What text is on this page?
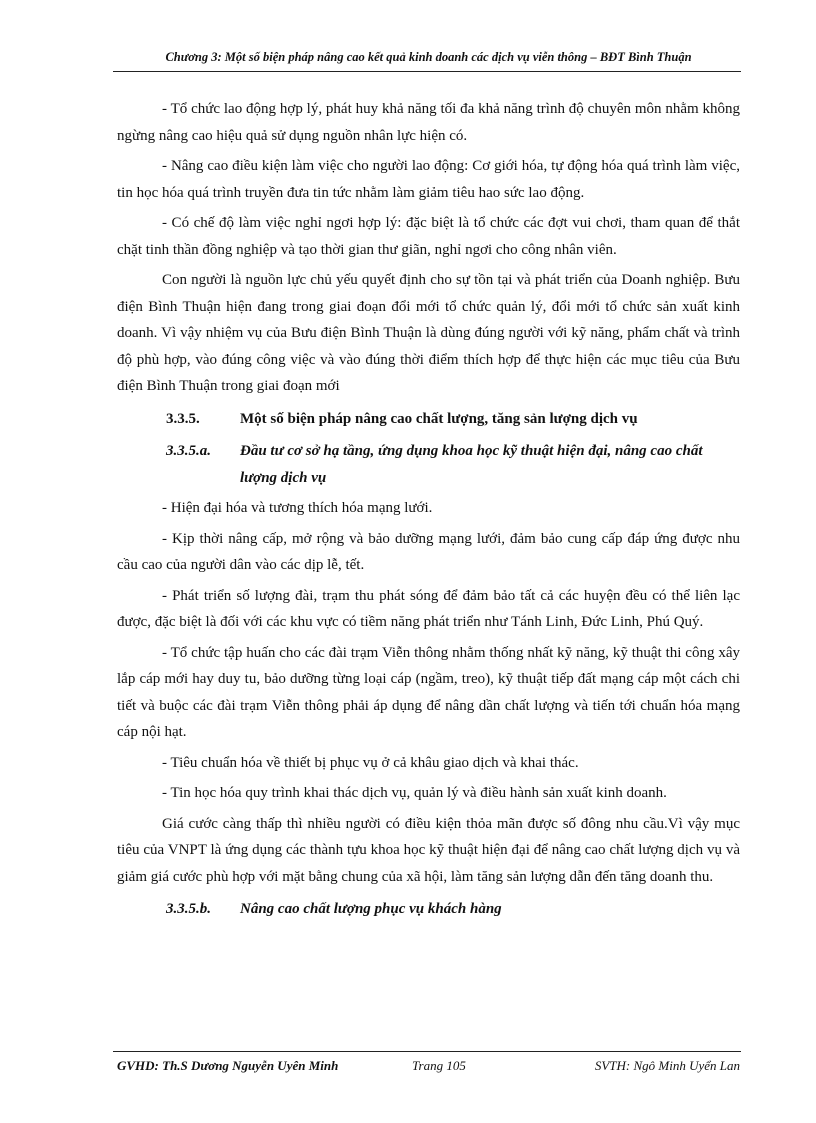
Chương 3: Một số biện pháp nâng cao kết quả kinh doanh các dịch vụ viễn thông – BĐT Bình Thuận

- Tổ chức lao động hợp lý, phát huy khả năng tối đa khả năng trình độ chuyên môn nhằm không ngừng nâng cao hiệu quả sử dụng nguồn nhân lực hiện có.

- Nâng cao điều kiện làm việc cho người lao động: Cơ giới hóa, tự động hóa quá trình làm việc, tin học hóa quá trình truyền đưa tin tức nhằm làm giảm tiêu hao sức lao động.

- Có chế độ làm việc nghỉ ngơi hợp lý: đặc biệt là tổ chức các đợt vui chơi, tham quan để thắt chặt tinh thần đồng nghiệp và tạo thời gian thư giãn, nghỉ ngơi cho công nhân viên.

Con người là nguồn lực chủ yếu quyết định cho sự tồn tại và phát triển của Doanh nghiệp. Bưu điện Bình Thuận hiện đang trong giai đoạn đổi mới tổ chức quản lý, đổi mới tổ chức sản xuất kinh doanh. Vì vậy nhiệm vụ của Bưu điện Bình Thuận là dùng đúng người với kỹ năng, phẩm chất và trình độ phù hợp, vào đúng công việc và vào đúng thời điểm thích hợp để thực hiện các mục tiêu của Bưu điện Bình Thuận trong giai đoạn mới

3.3.5.	Một số biện pháp nâng cao chất lượng, tăng sản lượng dịch vụ
3.3.5.a.	Đầu tư cơ sở hạ tầng, ứng dụng khoa học kỹ thuật hiện đại, nâng cao chất lượng dịch vụ

- Hiện đại hóa và tương thích hóa mạng lưới.

- Kịp thời nâng cấp, mở rộng và bảo dưỡng mạng lưới, đảm bảo cung cấp đáp ứng được nhu cầu cao của người dân vào các dịp lễ, tết.

- Phát triển số lượng đài, trạm thu phát sóng để đảm bảo tất cả các huyện đều có thể liên lạc được, đặc biệt là đối với các khu vực có tiềm năng phát triển như Tánh Linh, Đức Linh, Phú Quý.

- Tổ chức tập huấn cho các đài trạm Viễn thông nhằm thống nhất kỹ năng, kỹ thuật thi công xây lắp cáp mới hay duy tu, bảo dưỡng từng loại cáp (ngầm, treo), kỹ thuật tiếp đất mạng cáp một cách chi tiết và buộc các đài trạm Viễn thông phải áp dụng để nâng dần chất lượng và tiến tới chuẩn hóa mạng cáp nội hạt.

- Tiêu chuẩn hóa về thiết bị phục vụ ở cả khâu giao dịch và khai thác.

- Tin học hóa quy trình khai thác dịch vụ, quản lý và điều hành sản xuất kinh doanh.

Giá cước càng thấp thì nhiều người có điều kiện thỏa mãn được số đông nhu cầu.Vì vậy mục tiêu của VNPT là ứng dụng các thành tựu khoa học kỹ thuật hiện đại để nâng cao chất lượng dịch vụ và giảm giá cước phù hợp với mặt bằng chung của xã hội, làm tăng sản lượng dẫn đến tăng doanh thu.

3.3.5.b.	Nâng cao chất lượng phục vụ khách hàng
GVHD: Th.S Dương Nguyễn Uyên Minh	Trang 105	SVTH: Ngô Minh Uyển Lan
